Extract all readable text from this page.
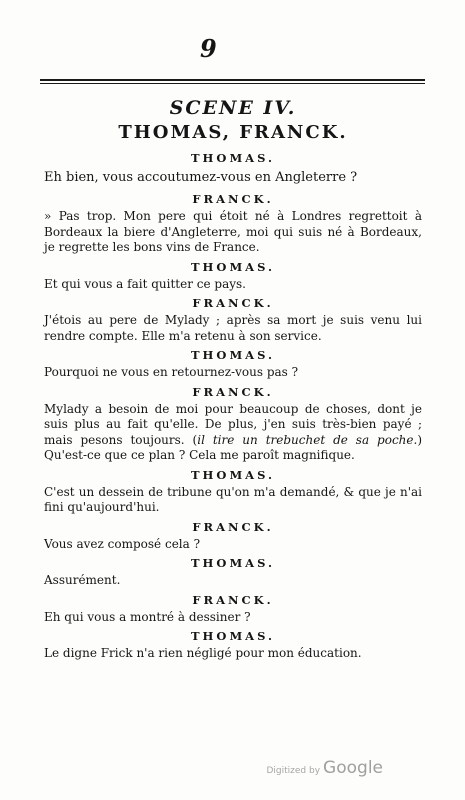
9
SCENE IV.
THOMAS, FRANCK.

THOMAS.

Eh bien, vous accoutumez-vous en Angleterre ?

FRANCK.

» Pas trop. Mon pere qui étoit né à Londres regrettoit à Bordeaux la biere d'Angleterre, moi qui suis né à Bordeaux, je regrette les bons vins de France.

THOMAS.

Et qui vous a fait quitter ce pays.

FRANCK.

J'étois au pere de Mylady ; après sa mort je suis venu lui rendre compte. Elle m'a retenu à son service.

THOMAS.

Pourquoi ne vous en retournez-vous pas ?

FRANCK.

Mylady a besoin de moi pour beaucoup de choses, dont je suis plus au fait qu'elle. De plus, j'en suis très-bien payé ; mais pesons toujours. (il tire un trebuchet de sa poche.) Qu'est-ce que ce plan ? Cela me paroît magnifique.

THOMAS.

C'est un dessein de tribune qu'on m'a demandé, & que je n'ai fini qu'aujourd'hui.

FRANCK.

Vous avez composé cela ?

THOMAS.

Assurément.

FRANCK.

Eh qui vous a montré à dessiner ?

THOMAS.

Le digne Frick n'a rien négligé pour mon éducation.

Digitized by Google
